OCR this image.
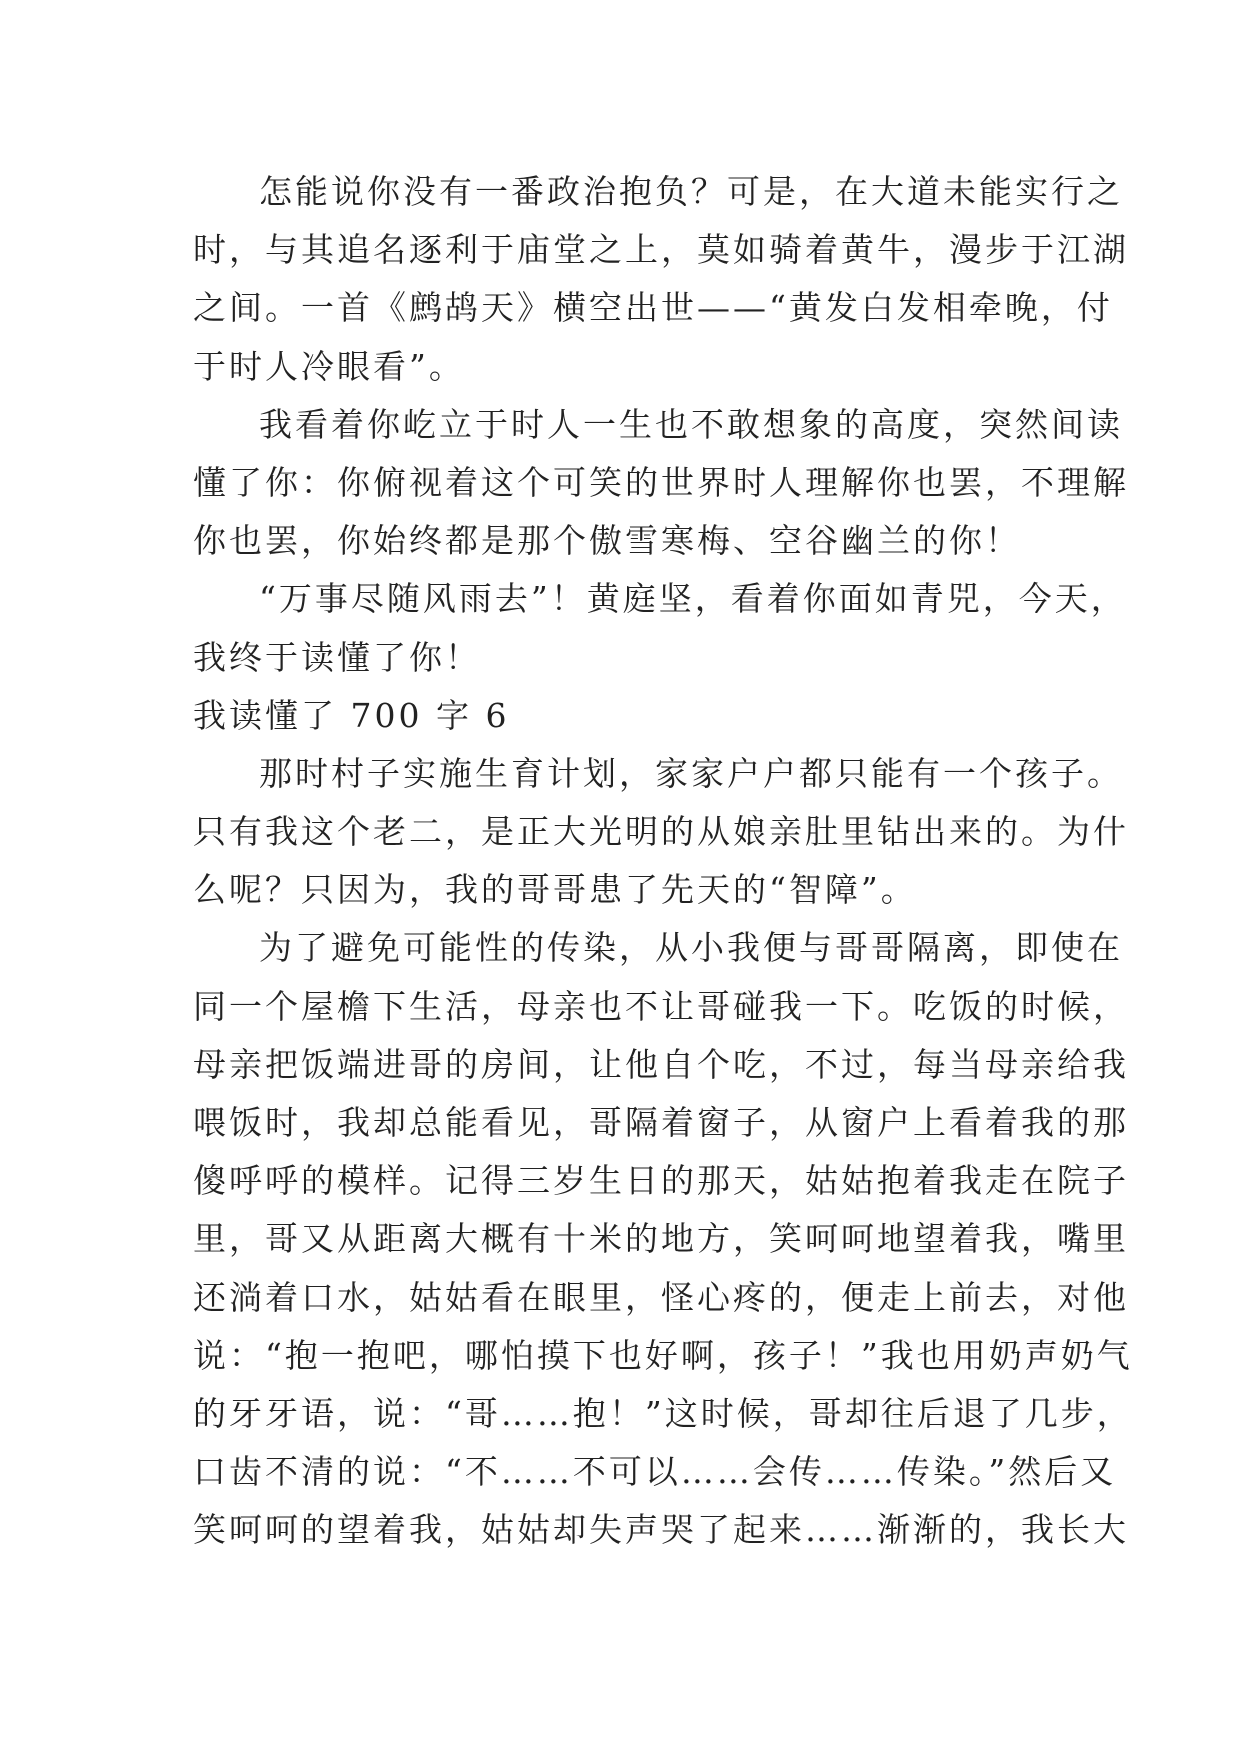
怎能说你没有一番政治抱负？可是，在大道未能实行之
时，与其追名逐利于庙堂之上，莫如骑着黄牛，漫步于江湖
之间。一首《鹧鸪天》横空出世——“黄发白发相牵晚，付
于时人冷眼看”。
我看着你屹立于时人一生也不敢想象的高度，突然间读
懂了你：你俯视着这个可笑的世界时人理解你也罢，不理解
你也罢，你始终都是那个傲雪寒梅、空谷幽兰的你！
“万事尽随风雨去”！黄庭坚，看着你面如青兕，今天，
我终于读懂了你！
我读懂了 700 字 6
那时村子实施生育计划，家家户户都只能有一个孩子。
只有我这个老二，是正大光明的从娘亲肚里钻出来的。为什
么呢？只因为，我的哥哥患了先天的“智障”。
为了避免可能性的传染，从小我便与哥哥隔离，即使在
同一个屋檐下生活，母亲也不让哥碰我一下。吃饭的时候，
母亲把饭端进哥的房间，让他自个吃，不过，每当母亲给我
喂饭时，我却总能看见，哥隔着窗子，从窗户上看着我的那
傻呼呼的模样。记得三岁生日的那天，姑姑抱着我走在院子
里，哥又从距离大概有十米的地方，笑呵呵地望着我，嘴里
还淌着口水，姑姑看在眼里，怪心疼的，便走上前去，对他
说：“抱一抱吧，哪怕摸下也好啊，孩子！”我也用奶声奶气
的牙牙语，说：“哥……抱！”这时候，哥却往后退了几步，
口齿不清的说：“不……不可以……会传……传染。”然后又
笑呵呵的望着我，姑姑却失声哭了起来……渐渐的，我长大
